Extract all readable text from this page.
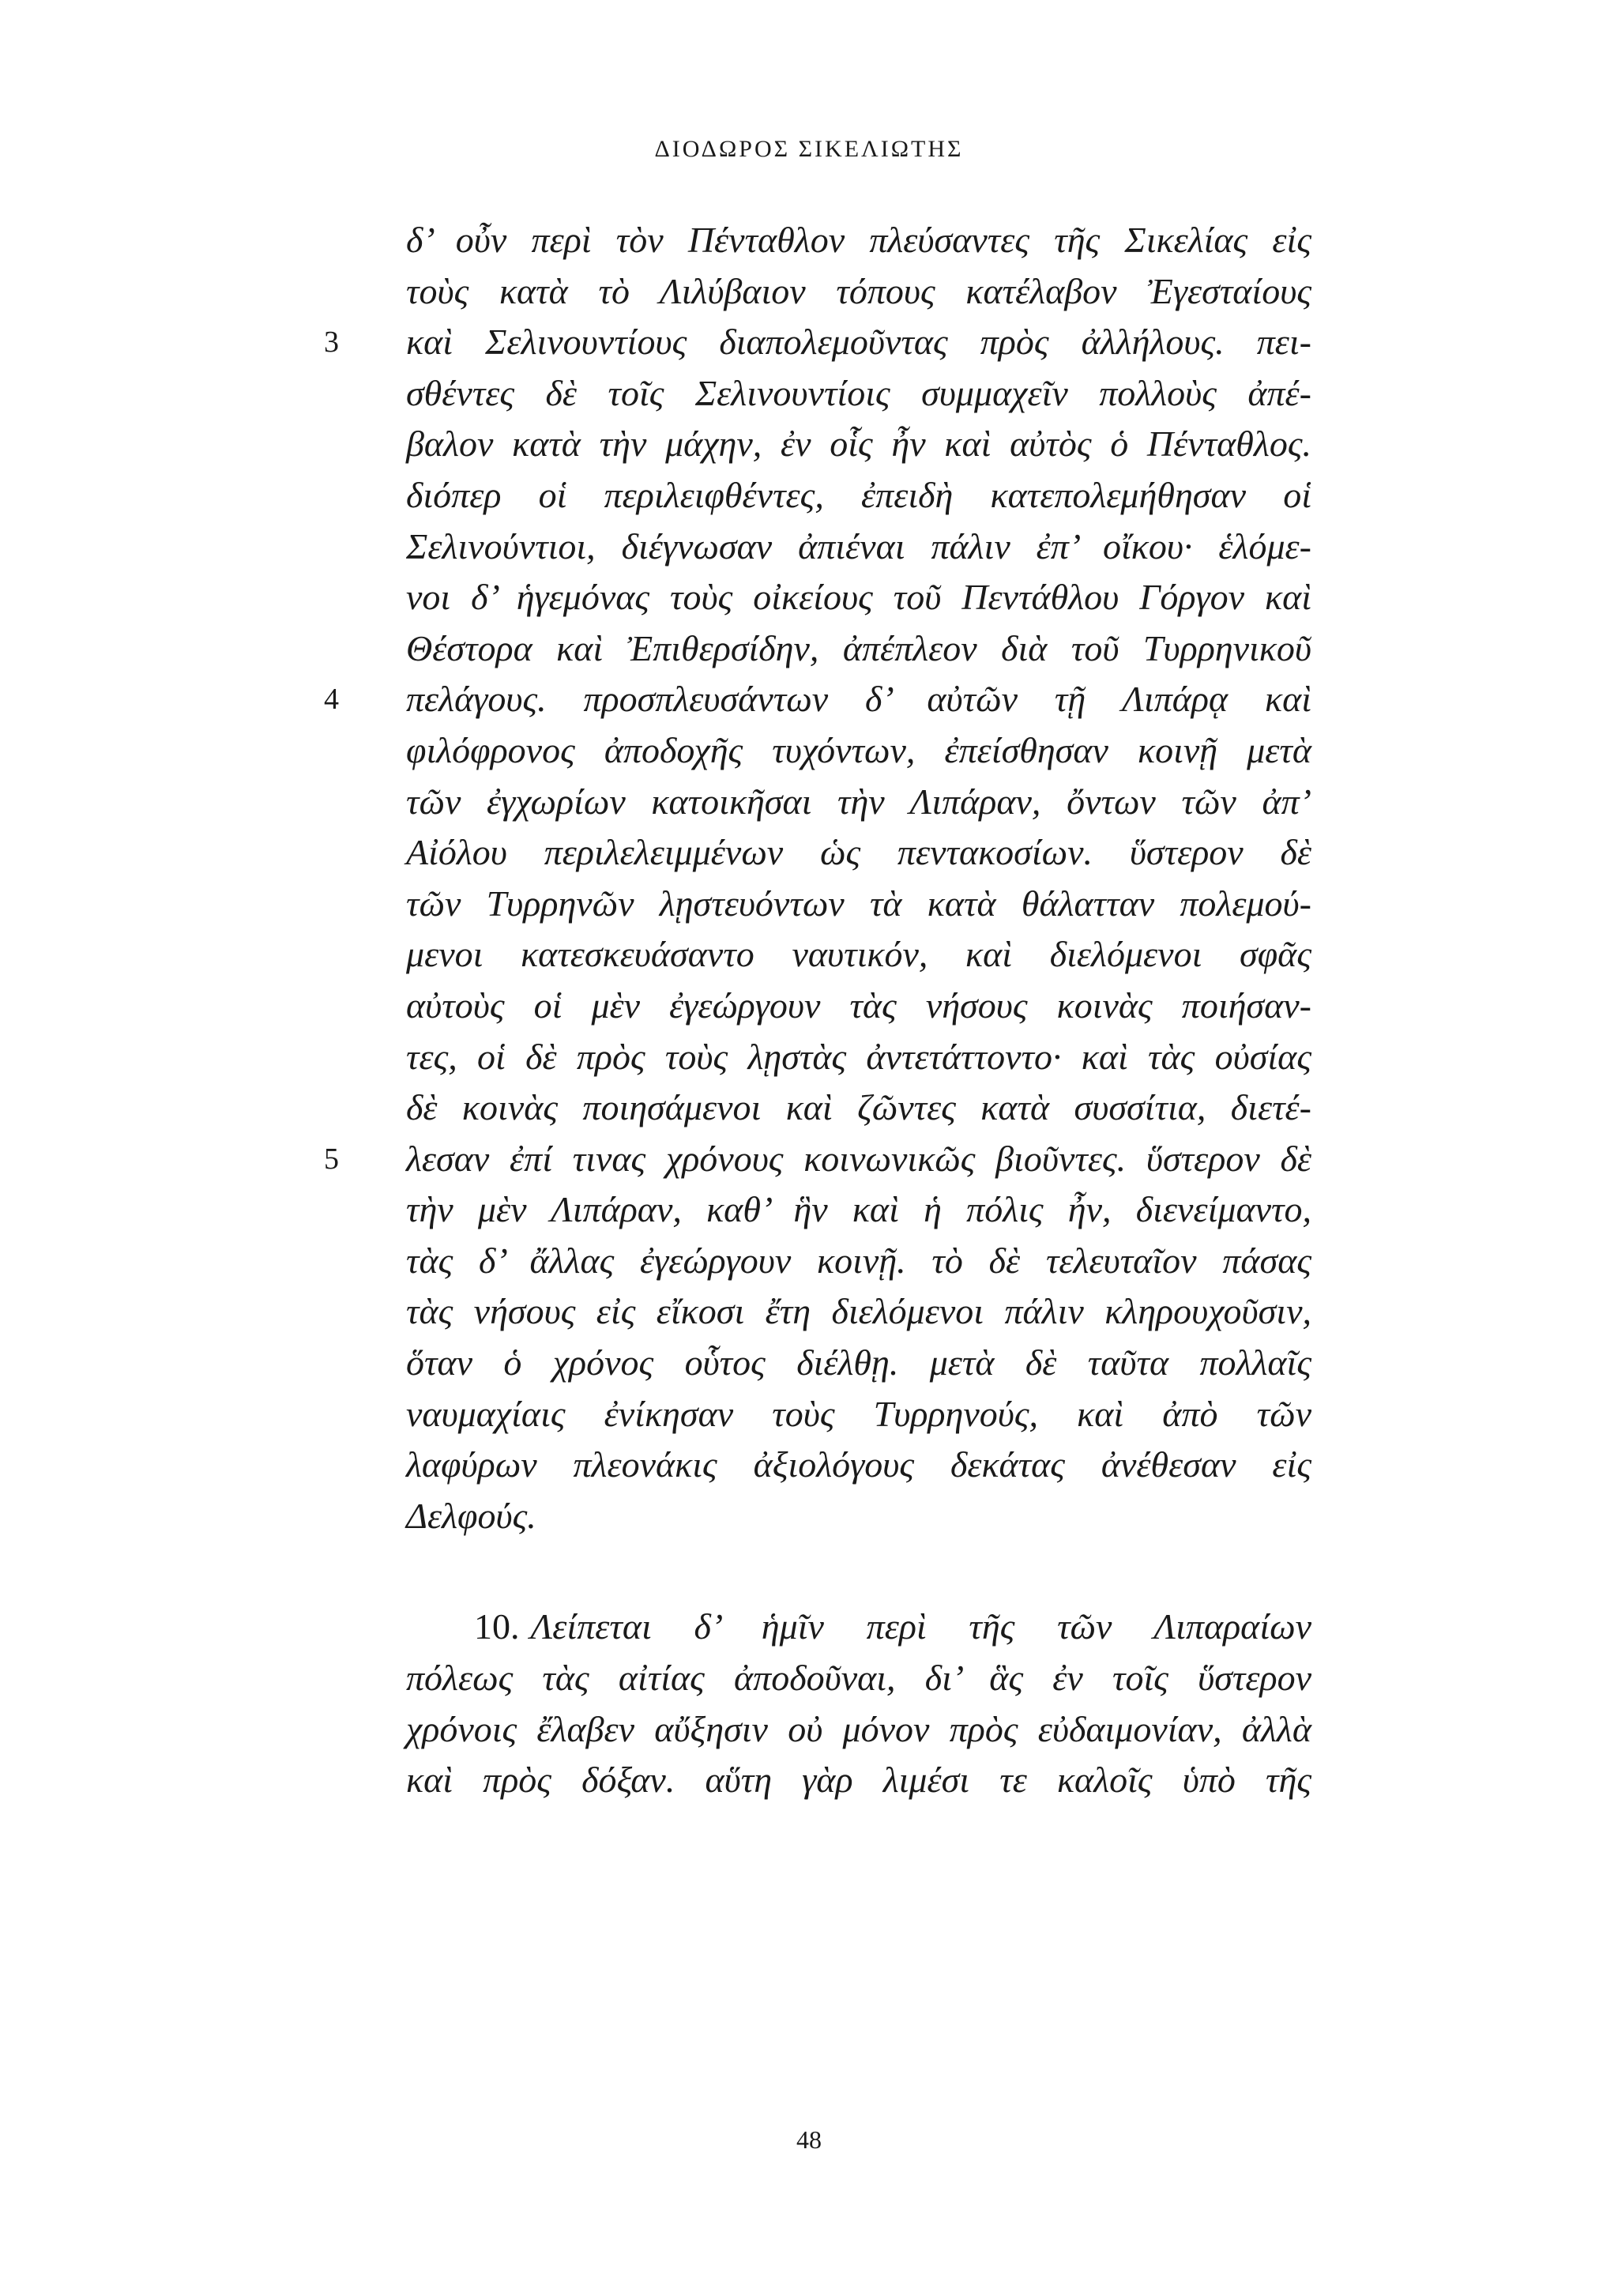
ΔΙΟΔΩΡΟΣ ΣΙΚΕΛΙΩΤΗΣ
δ’ οὖν περὶ τὸν Πένταθλον πλεύσαντες τῆς Σικελίας εἰς
τοὺς κατὰ τὸ Λιλύβαιον τόπους κατέλαβον Ἐγεσταίους
3	καὶ Σελινουντίους διαπολεμοῦντας πρὸς ἀλλήλους. πει-
σθέντες δὲ τοῖς Σελινουντίοις συμμαχεῖν πολλοὺς ἀπέ-
βαλον κατὰ τὴν μάχην, ἐν οἷς ἦν καὶ αὐτὸς ὁ Πένταθλος.
διόπερ οἱ περιλειφθέντες, ἐπειδὴ κατεπολεμήθησαν οἱ
Σελινούντιοι, διέγνωσαν ἀπιέναι πάλιν ἐπ’ οἴκου· ἑλόμε-
νοι δ’ ἡγεμόνας τοὺς οἰκείους τοῦ Πεντάθλου Γόργον καὶ
Θέστορα καὶ Ἐπιθερσίδην, ἀπέπλεον διὰ τοῦ Τυρρηνικοῦ
4	πελάγους. προσπλευσάντων δ’ αὐτῶν τῇ Λιπάρᾳ καὶ
φιλόφρονος ἀποδοχῆς τυχόντων, ἐπείσθησαν κοινῇ μετὰ
τῶν ἐγχωρίων κατοικῆσαι τὴν Λιπάραν, ὄντων τῶν ἀπ’
Αἰόλου περιλελειμμένων ὡς πεντακοσίων. ὕστερον δὲ
τῶν Τυρρηνῶν λῃστευόντων τὰ κατὰ θάλατταν πολεμού-
μενοι κατεσκευάσαντο ναυτικόν, καὶ διελόμενοι σφᾶς
αὐτοὺς οἱ μὲν ἐγεώργουν τὰς νήσους κοινὰς ποιήσαν-
τες, οἱ δὲ πρὸς τοὺς λῃστὰς ἀντετάττοντο· καὶ τὰς οὐσίας
δὲ κοινὰς ποιησάμενοι καὶ ζῶντες κατὰ συσσίτια, διετέ-
5	λεσαν ἐπί τινας χρόνους κοινωνικῶς βιοῦντες. ὕστερον δὲ
τὴν μὲν Λιπάραν, καθ’ ἣν καὶ ἡ πόλις ἦν, διενείμαντο,
τὰς δ’ ἄλλας ἐγεώργουν κοινῇ. τὸ δὲ τελευταῖον πάσας
τὰς νήσους εἰς εἴκοσι ἔτη διελόμενοι πάλιν κληρουχοῦσιν,
ὅταν ὁ χρόνος οὗτος διέλθῃ. μετὰ δὲ ταῦτα πολλαῖς
ναυμαχίαις ἐνίκησαν τοὺς Τυρρηνούς, καὶ ἀπὸ τῶν
λαφύρων πλεονάκις ἀξιολόγους δεκάτας ἀνέθεσαν εἰς
Δελφούς.
10. Λείπεται δ’ ἡμῖν περὶ τῆς τῶν Λιπαραίων
πόλεως τὰς αἰτίας ἀποδοῦναι, δι’ ἃς ἐν τοῖς ὕστερον
χρόνοις ἔλαβεν αὔξησιν οὐ μόνον πρὸς εὐδαιμονίαν, ἀλλὰ
καὶ πρὸς δόξαν. αὕτη γὰρ λιμέσι τε καλοῖς ὑπὸ τῆς
48
